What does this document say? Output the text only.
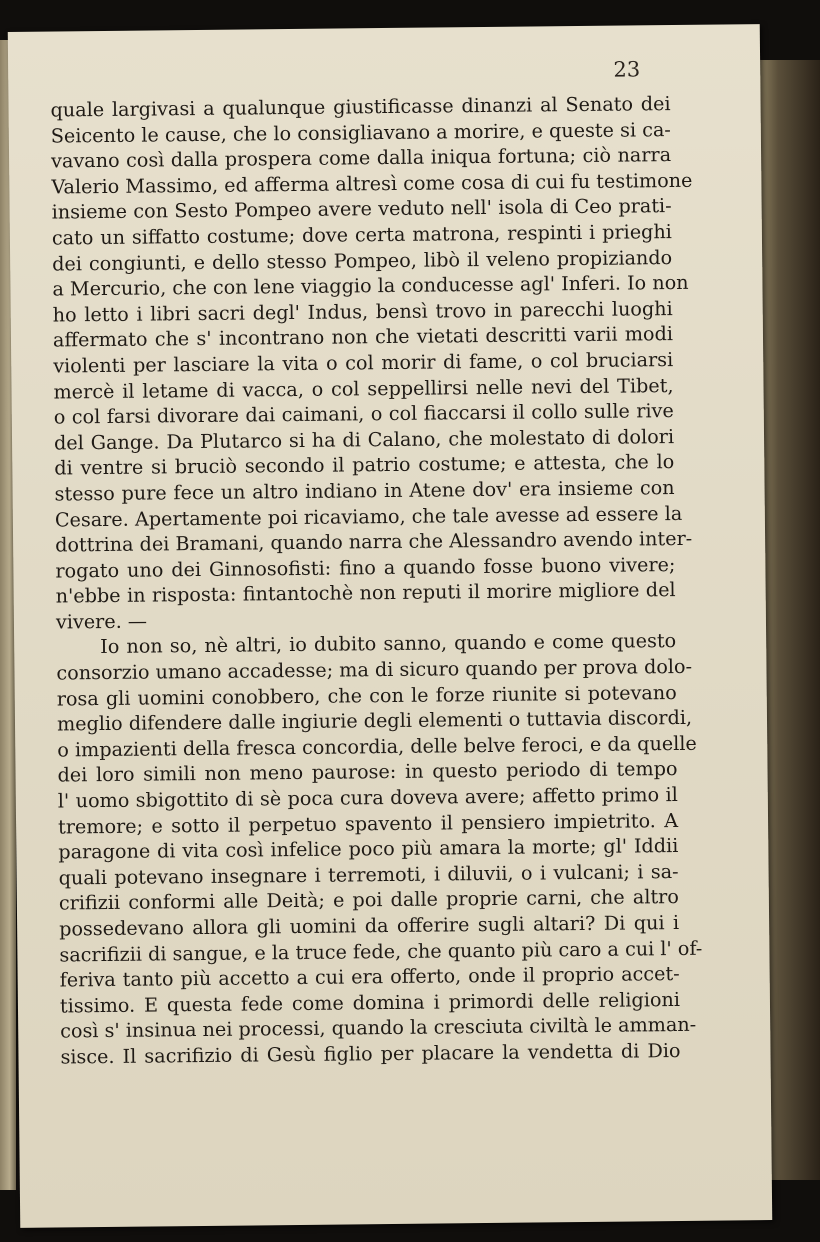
23
quale largivasi a qualunque giustificasse dinanzi al Senato dei
Seicento le cause, che lo consigliavano a morire, e queste si ca-
vavano così dalla prospera come dalla iniqua fortuna; ciò narra
Valerio Massimo, ed afferma altresì come cosa di cui fu testimone
insieme con Sesto Pompeo avere veduto nell' isola di Ceo prati-
cato un siffatto costume; dove certa matrona, respinti i prieghi
dei congiunti, e dello stesso Pompeo, libò il veleno propiziando
a Mercurio, che con lene viaggio la conducesse agl' Inferi. Io non
ho letto i libri sacri degl' Indus, bensì trovo in parecchi luoghi
affermato che s' incontrano non che vietati descritti varii modi
violenti per lasciare la vita o col morir di fame, o col bruciarsi
mercè il letame di vacca, o col seppellirsi nelle nevi del Tibet,
o col farsi divorare dai caimani, o col fiaccarsi il collo sulle rive
del Gange. Da Plutarco si ha di Calano, che molestato di dolori
di ventre si bruciò secondo il patrio costume; e attesta, che lo
stesso pure fece un altro indiano in Atene dov' era insieme con
Cesare. Apertamente poi ricaviamo, che tale avesse ad essere la
dottrina dei Bramani, quando narra che Alessandro avendo inter-
rogato uno dei Ginnosofisti: fino a quando fosse buono vivere;
n'ebbe in risposta: fintantochè non reputi il morire migliore del
vivere. —
Io non so, nè altri, io dubito sanno, quando e come questo
consorzio umano accadesse; ma di sicuro quando per prova dolo-
rosa gli uomini conobbero, che con le forze riunite si potevano
meglio difendere dalle ingiurie degli elementi o tuttavia discordi,
o impazienti della fresca concordia, delle belve feroci, e da quelle
dei loro simili non meno paurose: in questo periodo di tempo
l' uomo sbigottito di sè poca cura doveva avere; affetto primo il
tremore; e sotto il perpetuo spavento il pensiero impietrito. A
paragone di vita così infelice poco più amara la morte; gl' Iddii
quali potevano insegnare i terremoti, i diluvii, o i vulcani; i sa-
crifizii conformi alle Deità; e poi dalle proprie carni, che altro
possedevano allora gli uomini da offerire sugli altari? Di qui i
sacrifizii di sangue, e la truce fede, che quanto più caro a cui l' of-
feriva tanto più accetto a cui era offerto, onde il proprio accet-
tissimo. E questa fede come domina i primordi delle religioni
così s' insinua nei processi, quando la cresciuta civiltà le amman-
sisce. Il sacrifizio di Gesù figlio per placare la vendetta di Dio
